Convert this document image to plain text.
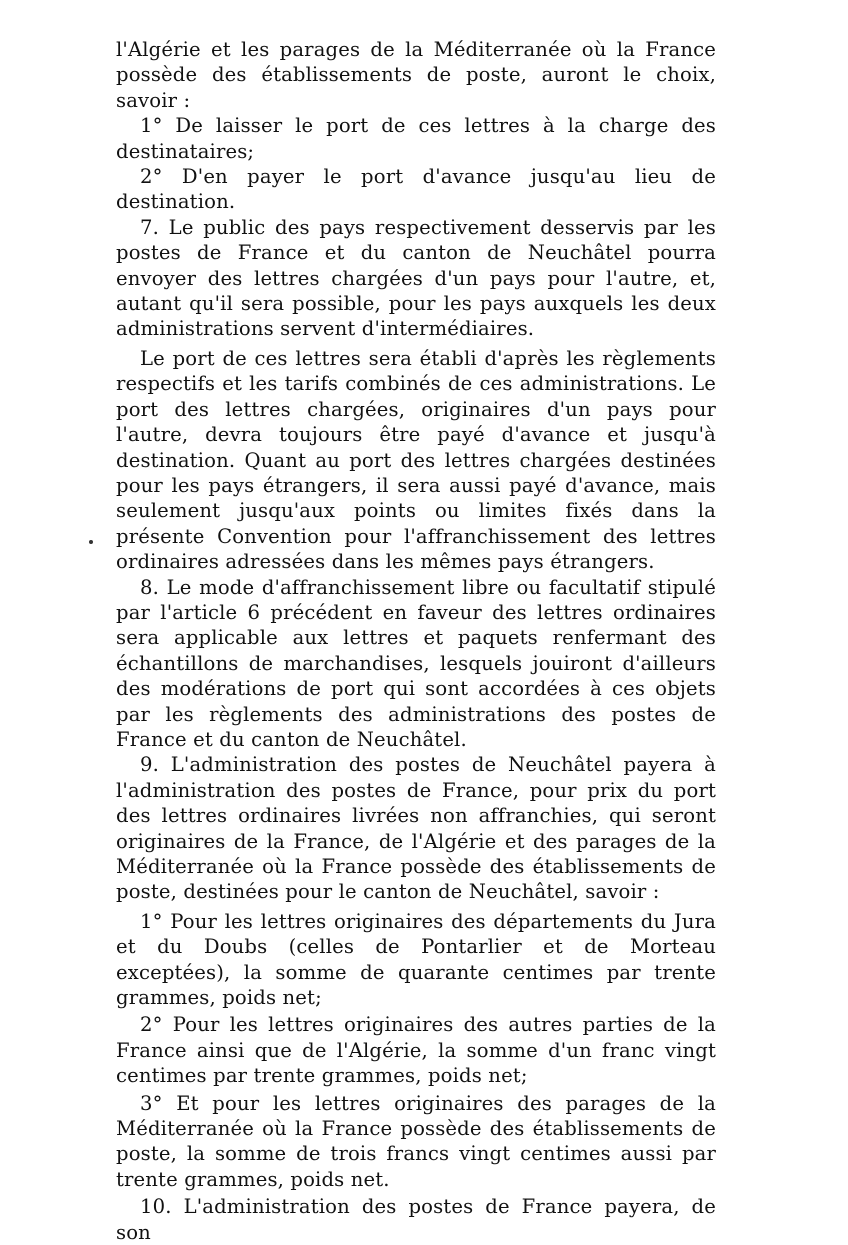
l'Algérie et les parages de la Méditerranée où la France possède des établissements de poste, auront le choix, savoir :

1° De laisser le port de ces lettres à la charge des destinataires;

2° D'en payer le port d'avance jusqu'au lieu de destination.

7. Le public des pays respectivement desservis par les postes de France et du canton de Neuchâtel pourra envoyer des lettres chargées d'un pays pour l'autre, et, autant qu'il sera possible, pour les pays auxquels les deux administrations servent d'intermédiaires.

Le port de ces lettres sera établi d'après les règlements respectifs et les tarifs combinés de ces administrations. Le port des lettres chargées, originaires d'un pays pour l'autre, devra toujours être payé d'avance et jusqu'à destination. Quant au port des lettres chargées destinées pour les pays étrangers, il sera aussi payé d'avance, mais seulement jusqu'aux points ou limites fixés dans la présente Convention pour l'affranchissement des lettres ordinaires adressées dans les mêmes pays étrangers.

8. Le mode d'affranchissement libre ou facultatif stipulé par l'article 6 précédent en faveur des lettres ordinaires sera applicable aux lettres et paquets renfermant des échantillons de marchandises, lesquels jouiront d'ailleurs des modérations de port qui sont accordées à ces objets par les règlements des administrations des postes de France et du canton de Neuchâtel.

9. L'administration des postes de Neuchâtel payera à l'administration des postes de France, pour prix du port des lettres ordinaires livrées non affranchies, qui seront originaires de la France, de l'Algérie et des parages de la Méditerranée où la France possède des établissements de poste, destinées pour le canton de Neuchâtel, savoir :

1° Pour les lettres originaires des départements du Jura et du Doubs (celles de Pontarlier et de Morteau exceptées), la somme de quarante centimes par trente grammes, poids net;

2° Pour les lettres originaires des autres parties de la France ainsi que de l'Algérie, la somme d'un franc vingt centimes par trente grammes, poids net;

3° Et pour les lettres originaires des parages de la Méditerranée où la France possède des établissements de poste, la somme de trois francs vingt centimes aussi par trente grammes, poids net.

10. L'administration des postes de France payera, de son
